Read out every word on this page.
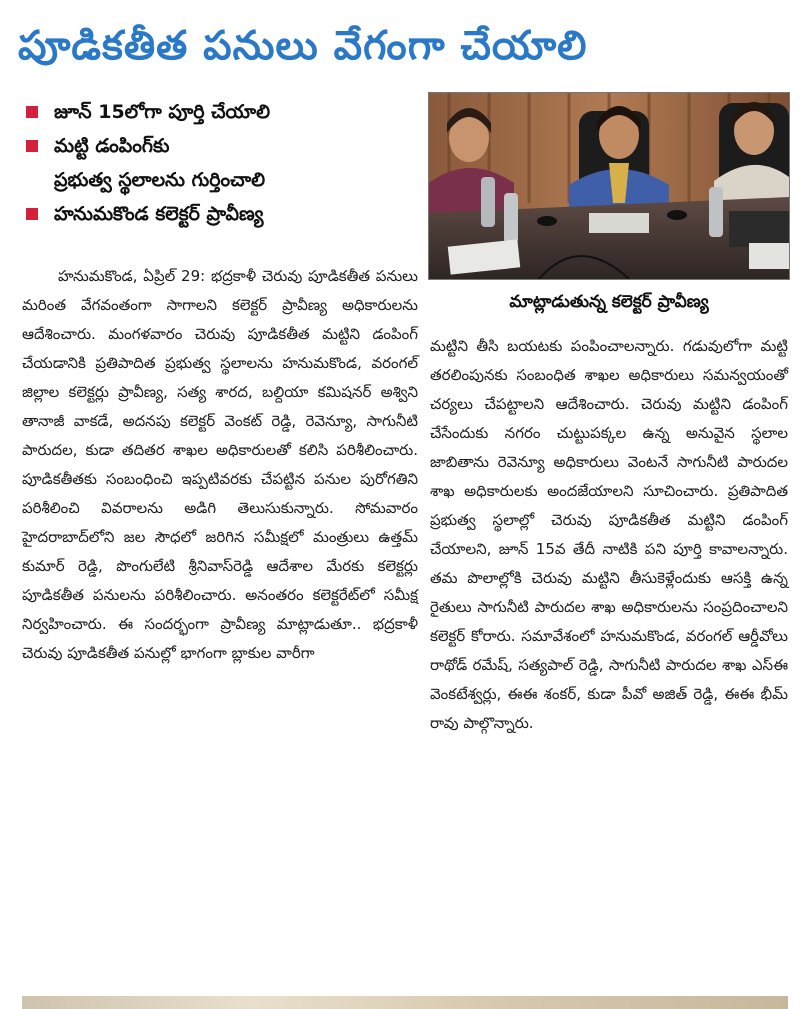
పూడికతీత పనులు వేగంగా చేయాలి
జూన్ 15లోగా పూర్తి చేయాలి
మట్టి డంపింగ్‌కు
ప్రభుత్వ స్థలాలను గుర్తించాలి
హనుమకొండ కలెక్టర్ ప్రావీణ్య
మాట్లాడుతున్న కలెక్టర్ ప్రావీణ్య

హనుమకొండ, ఏప్రిల్ 29: భద్రకాళీ చెరువు పూడికతీత పనులు మరింత వేగవంతంగా సాగాలని కలెక్టర్ ప్రావీణ్య అధికారులను ఆదేశించారు. మంగళవారం చెరువు పూడికతీత మట్టిని డంపింగ్ చేయడానికి ప్రతిపాదిత ప్రభుత్వ స్థలాలను హనుమకొండ, వరంగల్ జిల్లాల కలెక్టర్లు ప్రావీణ్య, సత్య శారద, బల్దియా కమిషనర్ అశ్విని తానాజీ వాకడే, అదనపు కలెక్టర్ వెంకట్ రెడ్డి, రెవెన్యూ, సాగునీటి పారుదల, కుడా తదితర శాఖల అధికారులతో కలిసి పరిశీలించారు. పూడికతీతకు సంబంధించి ఇప్పటివరకు చేపట్టిన పనుల పురోగతిని పరిశీలించి వివరాలను అడిగి తెలుసుకున్నారు. సోమవారం హైదరాబాద్‌లోని జల సౌధలో జరిగిన సమీక్షలో మంత్రులు ఉత్తమ్ కుమార్ రెడ్డి, పొంగులేటి శ్రీనివాస్‌రెడ్డి ఆదేశాల మేరకు కలెక్టర్లు పూడికతీత పనులను పరిశీలించారు. అనంతరం కలెక్టరేట్‌లో సమీక్ష నిర్వహించారు. ఈ సందర్భంగా ప్రావీణ్య మాట్లాడుతూ.. భద్రకాళీ చెరువు పూడికతీత పనుల్లో భాగంగా బ్లాకుల వారీగా

మట్టిని తీసి బయటకు పంపించాలన్నారు. గడువులోగా మట్టి తరలింపునకు సంబంధిత శాఖల అధికారులు సమన్వయంతో చర్యలు చేపట్టాలని ఆదేశించారు. చెరువు మట్టిని డంపింగ్ చేసేందుకు నగరం చుట్టుపక్కల ఉన్న అనువైన స్థలాల జాబితాను రెవెన్యూ అధికారులు వెంటనే సాగునీటి పారుదల శాఖ అధికారులకు అందజేయాలని సూచించారు. ప్రతిపాదిత ప్రభుత్వ స్థలాల్లో చెరువు పూడికతీత మట్టిని డంపింగ్ చేయాలని, జూన్ 15వ తేదీ నాటికి పని పూర్తి కావాలన్నారు. తమ పొలాల్లోకి చెరువు మట్టిని తీసుకెళ్లేందుకు ఆసక్తి ఉన్న రైతులు సాగునీటి పారుదల శాఖ అధికారులను సంప్రదించాలని కలెక్టర్ కోరారు. సమావేశంలో హనుమకొండ, వరంగల్ ఆర్డీవోలు రాథోడ్ రమేష్, సత్యపాల్ రెడ్డి, సాగునీటి పారుదల శాఖ ఎస్ఈ వెంకటేశ్వర్లు, ఈఈ శంకర్, కుడా పీవో అజిత్ రెడ్డి, ఈఈ భీమ్ రావు పాల్గొన్నారు.
